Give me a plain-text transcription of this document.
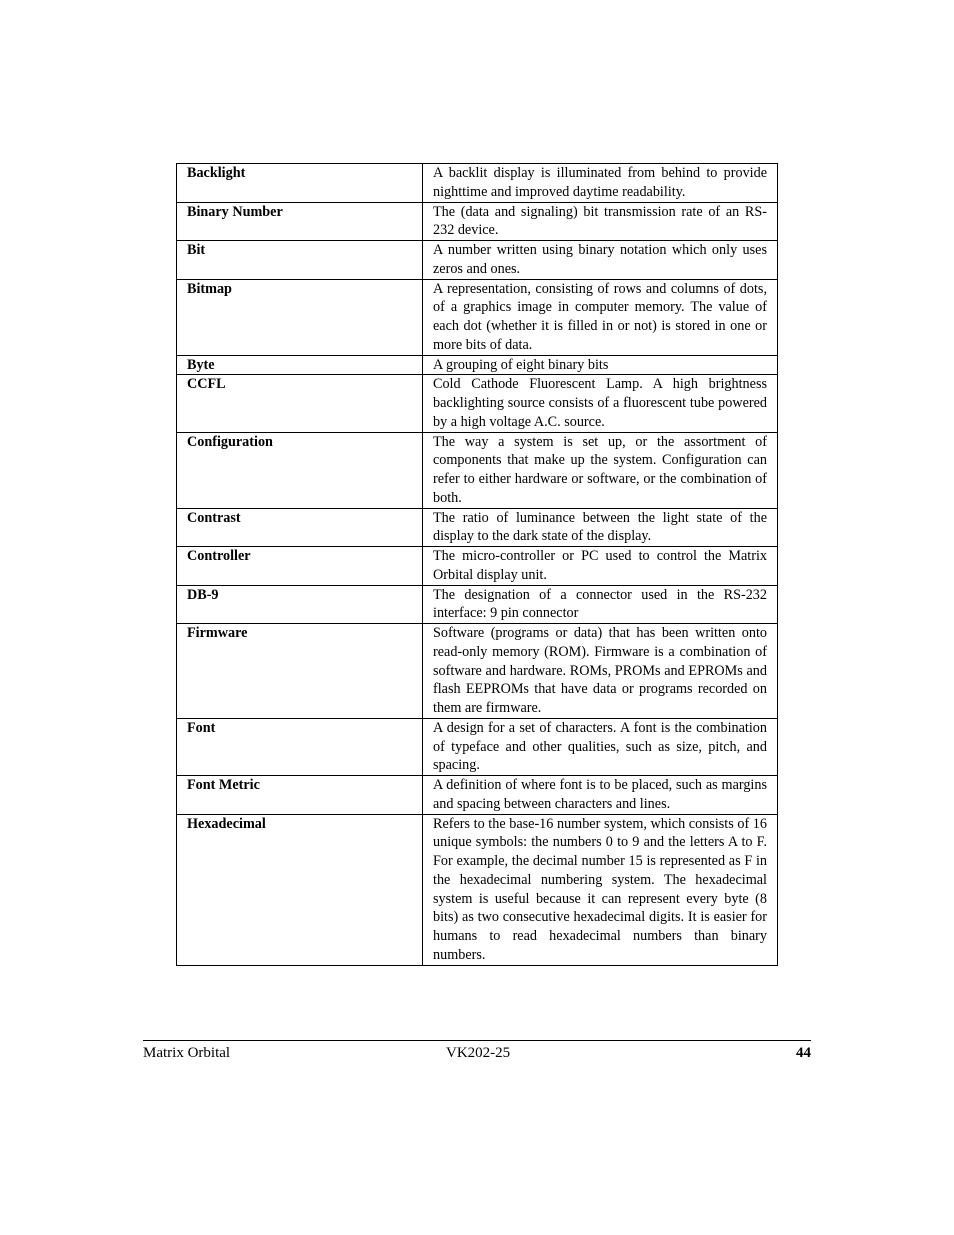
Backlight	A backlit display is illuminated from behind to provide nighttime and improved daytime readability.
Binary Number	The (data and signaling) bit transmission rate of an RS-232 device.
Bit	A number written using binary notation which only uses zeros and ones.
Bitmap	A representation, consisting of rows and columns of dots, of a graphics image in computer memory. The value of each dot (whether it is filled in or not) is stored in one or more bits of data.
Byte	A grouping of eight binary bits
CCFL	Cold Cathode Fluorescent Lamp. A high brightness backlighting source consists of a fluorescent tube powered by a high voltage A.C. source.
Configuration	The way a system is set up, or the assortment of components that make up the system. Configuration can refer to either hardware or software, or the combination of both.
Contrast	The ratio of luminance between the light state of the display to the dark state of the display.
Controller	The micro-controller or PC used to control the Matrix Orbital display unit.
DB-9	The designation of a connector used in the RS-232 interface: 9 pin connector
Firmware	Software (programs or data) that has been written onto read-only memory (ROM). Firmware is a combination of software and hardware. ROMs, PROMs and EPROMs and flash EEPROMs that have data or programs recorded on them are firmware.
Font	A design for a set of characters. A font is the combination of typeface and other qualities, such as size, pitch, and spacing.
Font Metric	A definition of where font is to be placed, such as margins and spacing between characters and lines.
Hexadecimal	Refers to the base-16 number system, which consists of 16 unique symbols: the numbers 0 to 9 and the letters A to F. For example, the decimal number 15 is represented as F in the hexadecimal numbering system. The hexadecimal system is useful because it can represent every byte (8 bits) as two consecutive hexadecimal digits. It is easier for humans to read hexadecimal numbers than binary numbers.
Matrix Orbital	VK202-25	44
